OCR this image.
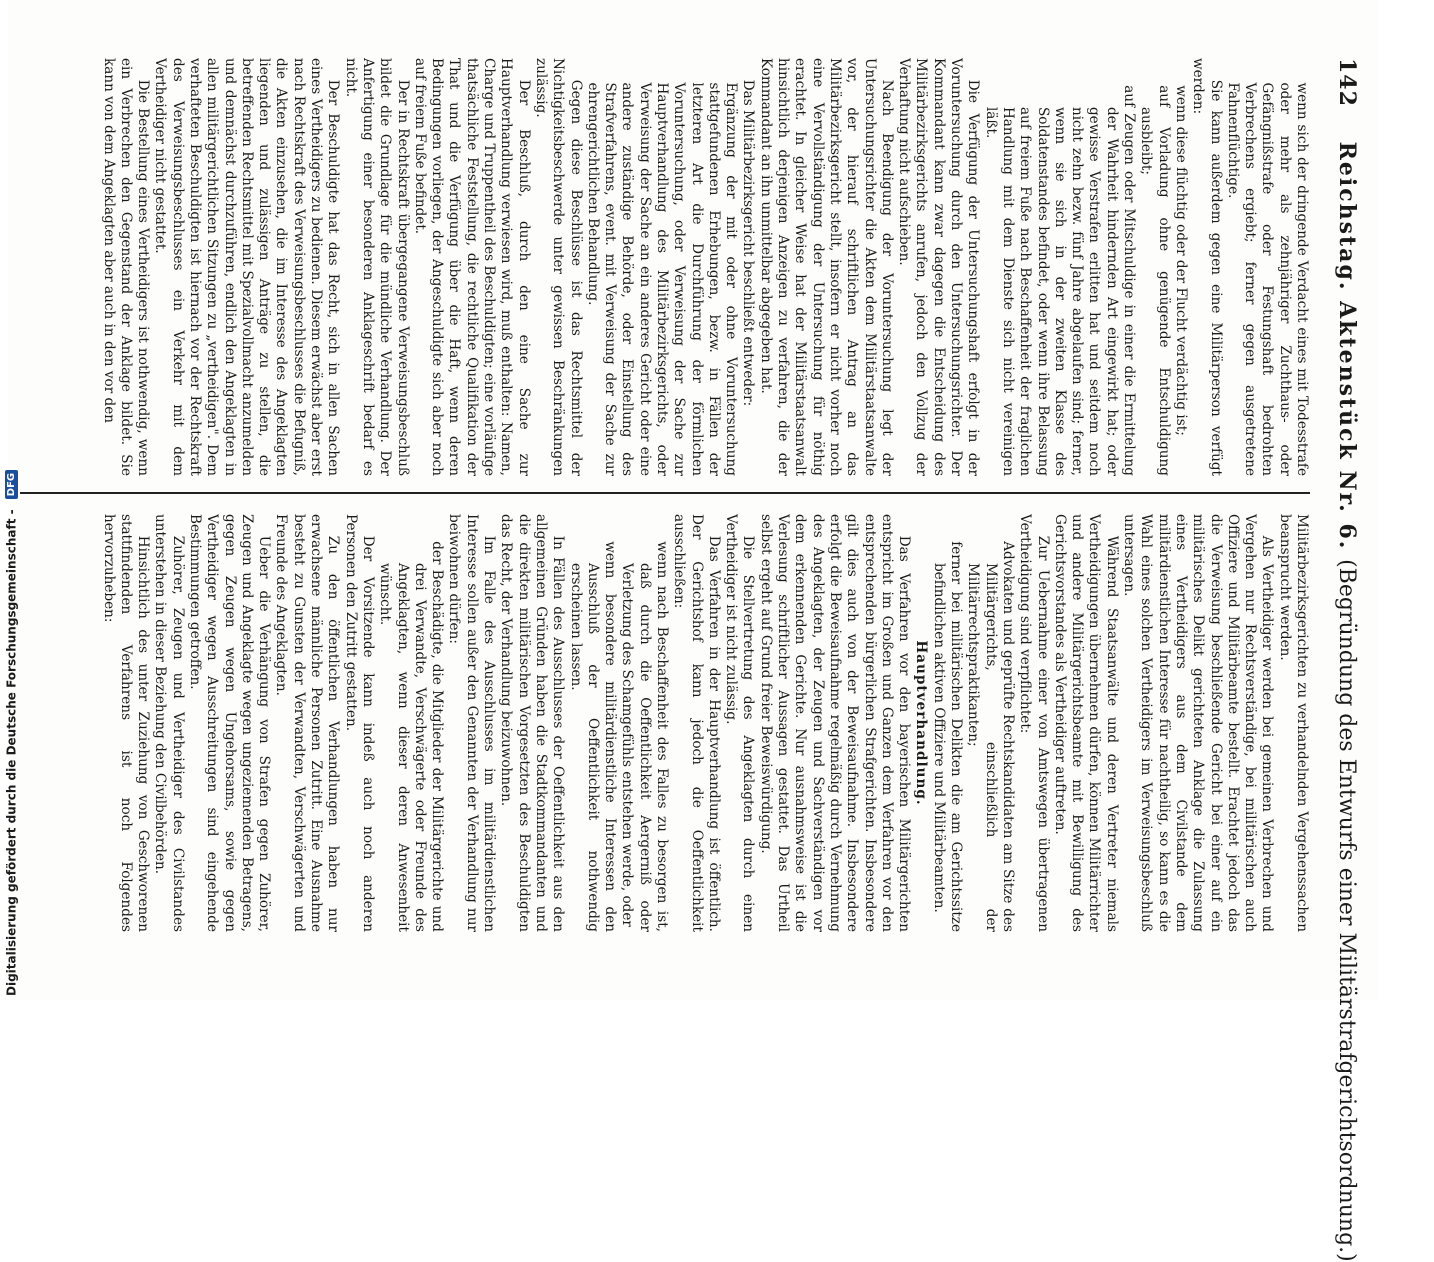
142 Reichstag. Aktenstück Nr. 6. (Begründung des Entwurfs einer Militärstrafgerichtsordnung.)

wenn sich der dringende Verdacht eines mit Todesstrafe oder mehr als zehnjähriger Zuchthaus- oder Gefängnißstrafe oder Festungshaft bedrohten Verbrechens ergiebt; ferner gegen ausgetretene Fahnenflüchtige.

Sie kann außerdem gegen eine Militärperson verfügt werden:

wenn diese flüchtig oder der Flucht verdächtig ist;

auf Vorladung ohne genügende Entschuldigung ausbleibt;

auf Zeugen oder Mitschuldige in einer die Ermittelung der Wahrheit hindernden Art eingewirkt hat; oder gewisse Verstrafen erlitten hat und seitdem noch nicht zehn bezw. fünf Jahre abgelaufen sind; ferner, wenn sie sich in der zweiten Klasse des Soldatenstandes befindet, oder wenn ihre Belassung auf freiem Fuße nach Beschaffenheit der fraglichen Handlung mit dem Dienste sich nicht vereinigen läßt.

Die Verfügung der Untersuchungshaft erfolgt in der Voruntersuchung durch den Untersuchungsrichter. Der Kommandant kann zwar dagegen die Entscheidung des Militärbezirksgerichts anrufen, jedoch den Vollzug der Verhaftung nicht aufschieben.

Nach Beendigung der Voruntersuchung legt der Untersuchungsrichter die Akten dem Militärstaatsanwalte vor, der hierauf schriftlichen Antrag an das Militärbezirksgericht stellt, insofern er nicht vorher noch eine Vervollständigung der Untersuchung für nöthig erachtet. In gleicher Weise hat der Militärstaatsanwalt hinsichtlich derjenigen Anzeigen zu verfahren, die der Kommandant an ihn unmittelbar abgegeben hat.

Das Militärbezirksgericht beschließt entweder:

Ergänzung der mit oder ohne Voruntersuchung stattgefundenen Erhebungen, bezw. in Fällen der letzteren Art die Durchführung der förmlichen Voruntersuchung, oder Verweisung der Sache zur Hauptverhandlung des Militärbezirksgerichts, oder Verweisung der Sache an ein anderes Gericht oder eine andere zuständige Behörde, oder Einstellung des Strafverfahrens, event. mit Verweisung der Sache zur ehrengerichtlichen Behandlung.

Gegen diese Beschlüsse ist das Rechtsmittel der Nichtigkeitsbeschwerde unter gewissen Beschränkungen zulässig.

Der Beschluß, durch den eine Sache zur Hauptverhandlung verwiesen wird, muß enthalten: Namen, Charge und Truppentheil des Beschuldigten; eine vorläufige thatsächliche Feststellung, die rechtliche Qualifikation der That und die Verfügung über die Haft, wenn deren Bedingungen vorliegen, der Angeschuldigte sich aber noch auf freiem Fuße befindet.

Der in Rechtskraft übergegangene Verweisungsbeschluß bildet die Grundlage für die mündliche Verhandlung. Der Anfertigung einer besonderen Anklageschrift bedarf es nicht.

Der Beschuldigte hat das Recht, sich in allen Sachen eines Vertheidigers zu bedienen. Diesem erwächst aber erst nach Rechtskraft des Verweisungsbeschlusses die Befugniß, die Akten einzusehen, die im Interesse des Angeklagten liegenden und zulässigen Anträge zu stellen, die betreffenden Rechtsmittel mit Spezialvollmacht anzumelden und demnächst durchzuführen, endlich den Angeklagten in allen militärgerichtlichen Sitzungen zu „vertheidigen". Dem verhafteten Beschuldigten ist hiernach vor der Rechtskraft des Verweisungsbeschlusses ein Verkehr mit dem Vertheidiger nicht gestattet.

Die Bestellung eines Vertheidigers ist nothwendig, wenn ein Verbrechen den Gegenstand der Anklage bildet. Sie kann von dem Angeklagten aber auch in den vor den

Militärbezirksgerichten zu verhandelnden Vergehenssachen beansprucht werden.

Als Vertheidiger werden bei gemeinen Verbrechen und Vergehen nur Rechtsverständige, bei militärischen auch Offiziere und Militärbeamte bestellt. Erachtet jedoch das die Verweisung beschließende Gericht bei einer auf ein militärisches Delikt gerichteten Anklage die Zulassung eines Vertheidigers aus dem Civilstande dem militärdienstlichen Interesse für nachtheilig, so kann es die Wahl eines solchen Vertheidigers im Verweisungsbeschluß untersagen.

Während Staatsanwälte und deren Vertreter niemals Vertheidigungen übernehmen dürfen, können Militärrichter und andere Militärgerichtsbeamte mit Bewilligung des Gerichtsvorstandes als Vertheidiger auftreten.

Zur Uebernahme einer von Amtswegen übertragenen Vertheidigung sind verpflichtet:

Advokaten und geprüfte Rechtskandidaten am Sitze des Militärgerichts, einschließlich der Militärrechtspraktikanten;

ferner bei militärischen Delikten die am Gerichtssitze befindlichen aktiven Offiziere und Militärbeamten.

Hauptverhandlung.

Das Verfahren vor den bayerischen Militärgerichten entspricht im Großen und Ganzen dem Verfahren vor den entsprechenden bürgerlichen Strafgerichten. Insbesondere gilt dies auch von der Beweisaufnahme. Insbesondere erfolgt die Beweisaufnahme regelmäßig durch Vernehmung des Angeklagten, der Zeugen und Sachverständigen vor dem erkennenden Gerichte. Nur ausnahmsweise ist die Verlesung schriftlicher Aussagen gestattet. Das Urtheil selbst ergeht auf Grund freier Beweiswürdigung.

Die Stellvertretung des Angeklagten durch einen Vertheidiger ist nicht zulässig.

Das Verfahren in der Hauptverhandlung ist öffentlich. Der Gerichtshof kann jedoch die Oeffentlichkeit ausschließen:

wenn nach Beschaffenheit des Falles zu besorgen ist, daß durch die Oeffentlichkeit Aergerniß oder Verletzung des Schamgefühls entstehen werde, oder

wenn besondere militärdienstliche Interessen den Ausschluß der Oeffentlichkeit nothwendig erscheinen lassen.

In Fällen des Ausschlusses der Oeffentlichkeit aus den allgemeinen Gründen haben die Stadtkommandanten und die direkten militärischen Vorgesetzten des Beschuldigten das Recht, der Verhandlung beizuwohnen.

Im Falle des Ausschlusses im militärdienstlichen Interesse sollen außer den Genannten der Verhandlung nur beiwohnen dürfen:

der Beschädigte, die Mitglieder der Militärgerichte und drei Verwandte, Verschwägerte oder Freunde des Angeklagten, wenn dieser deren Anwesenheit wünscht.

Der Vorsitzende kann indeß auch noch anderen Personen den Zutritt gestatten.

Zu den öffentlichen Verhandlungen haben nur erwachsene männliche Personen Zutritt. Eine Ausnahme besteht zu Gunsten der Verwandten, Verschwägerten und Freunde des Angeklagten.

Ueber die Verhängung von Strafen gegen Zuhörer, Zeugen und Angeklagte wegen ungeziemenden Betragens, gegen Zeugen wegen Ungehorsams, sowie gegen Vertheidiger wegen Ausschreitungen sind eingehende Bestimmungen getroffen.

Zuhörer, Zeugen und Vertheidiger des Civilstandes unterstehen in dieser Beziehung den Civilbehörden.

Hinsichtlich des unter Zuziehung von Geschworenen stattfindenden Verfahrens ist noch Folgendes hervorzuheben:

Digitalisierung gefördert durch die Deutsche Forschungsgemeinschaft - DFG
